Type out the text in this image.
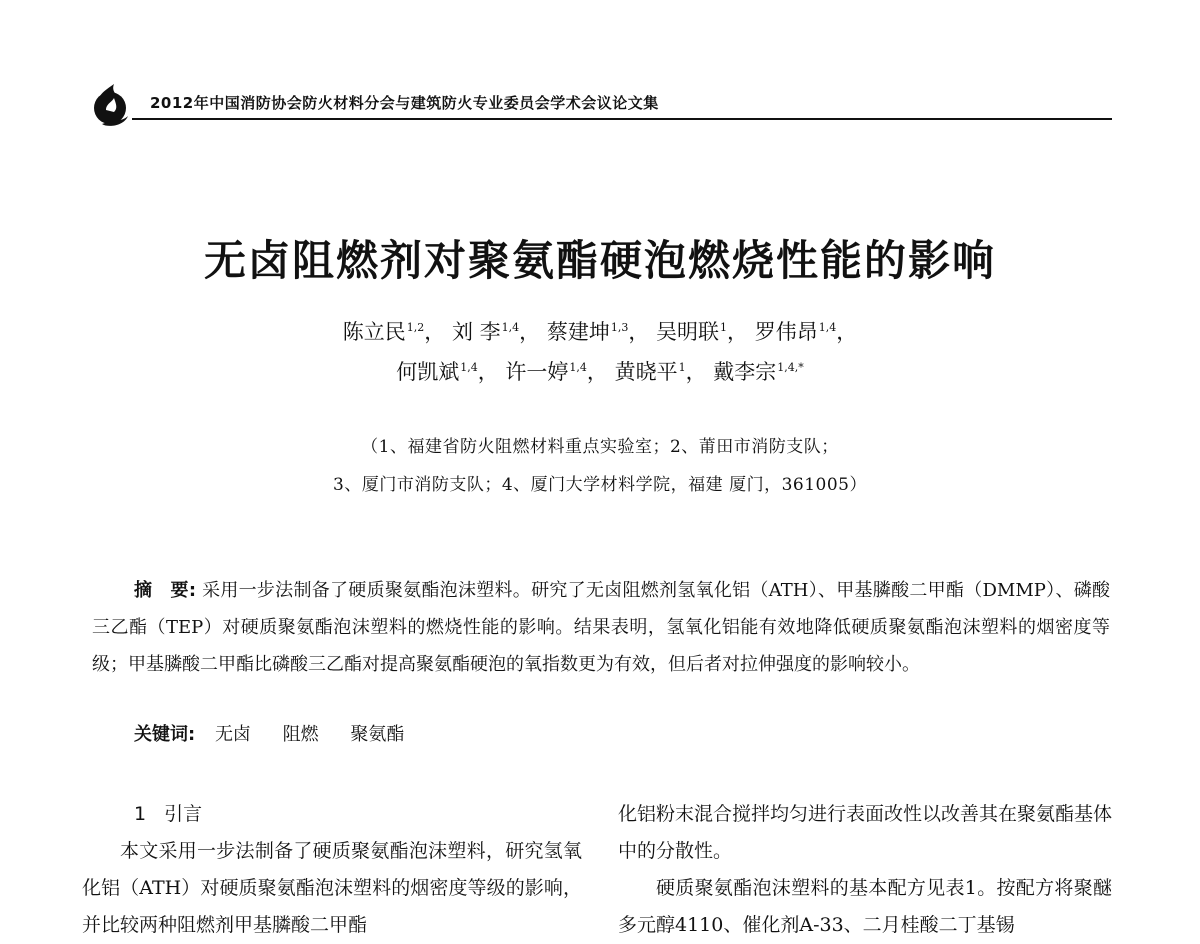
2012年中国消防协会防火材料分会与建筑防火专业委员会学术会议论文集
无卤阻燃剂对聚氨酯硬泡燃烧性能的影响
陈立民$^{1,2}$， 刘 李$^{1,4}$， 蔡建坤$^{1,3}$， 吴明联$^1$， 罗伟昂$^{1,4}$，
何凯斌$^{1,4}$， 许一婷$^{1,4}$， 黄晓平$^1$， 戴李宗$^{1,4,*}$
（1、福建省防火阻燃材料重点实验室；2、莆田市消防支队；
3、厦门市消防支队；4、厦门大学材料学院，福建 厦门，361005）
摘　要: 采用一步法制备了硬质聚氨酯泡沫塑料。研究了无卤阻燃剂氢氧化铝（ATH）、甲基膦酸二甲酯（DMMP）、磷酸三乙酯（TEP）对硬质聚氨酯泡沫塑料的燃烧性能的影响。结果表明，氢氧化铝能有效地降低硬质聚氨酯泡沫塑料的烟密度等级；甲基膦酸二甲酯比磷酸三乙酯对提高聚氨酯硬泡的氧指数更为有效，但后者对拉伸强度的影响较小。
关键词: 无卤 阻燃 聚氨酯

1 引言

本文采用一步法制备了硬质聚氨酯泡沫塑料，研究氢氧化铝（ATH）对硬质聚氨酯泡沫塑料的烟密度等级的影响，并比较两种阻燃剂甲基膦酸二甲酯

化铝粉末混合搅拌均匀进行表面改性以改善其在聚氨酯基体中的分散性。

硬质聚氨酯泡沫塑料的基本配方见表1。按配方将聚醚多元醇4110、催化剂A-33、二月桂酸二丁基锡
